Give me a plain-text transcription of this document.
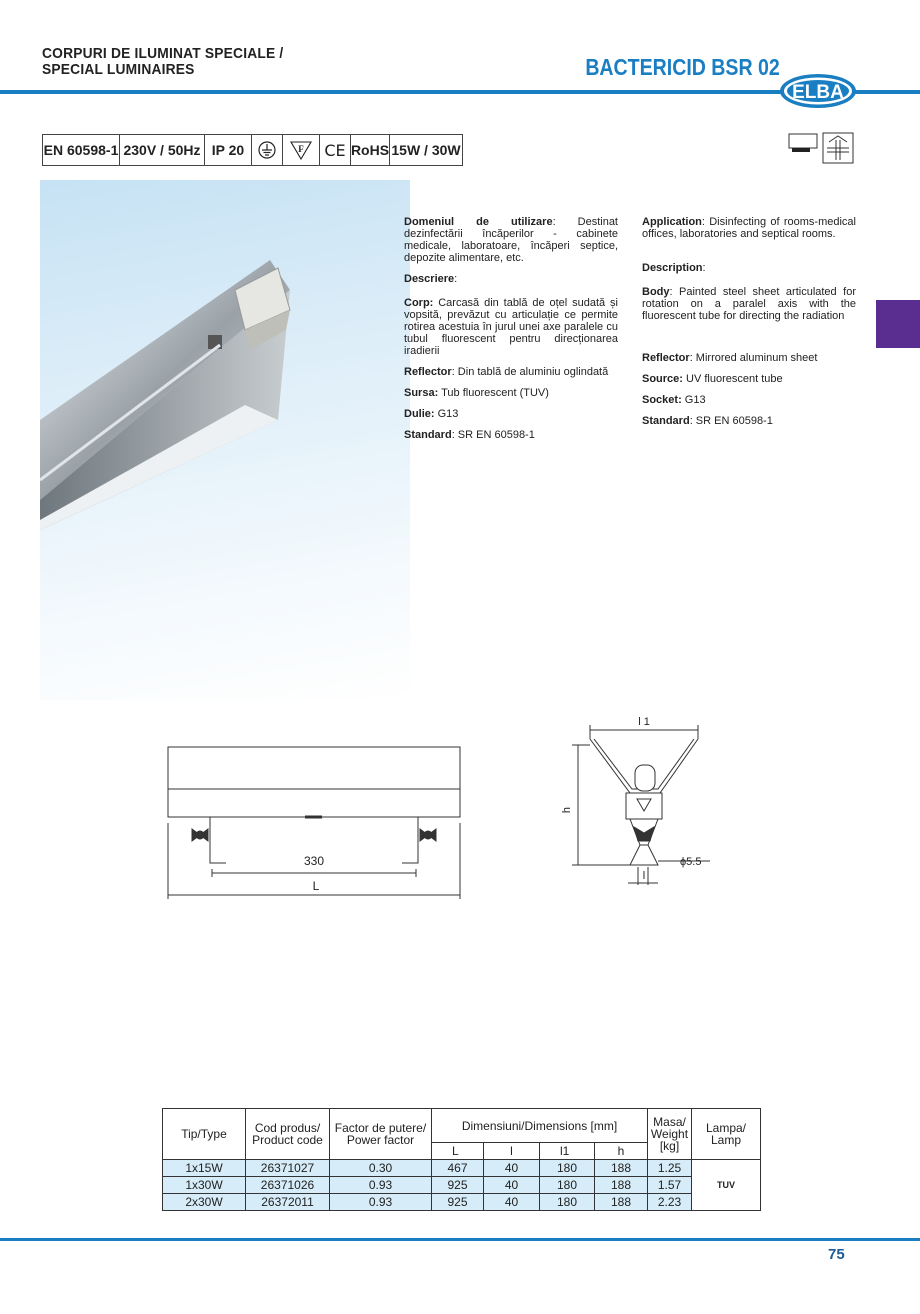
CORPURI DE ILUMINAT SPECIALE /
SPECIAL LUMINAIRES	BACTERICID BSR 02
ELBA
EN 60598-1 230V / 50Hz IP 20	F CE RoHS 15W / 30W

Domeniul de utilizare: Destinat dezinfectării încăperilor - cabinete medicale, laboratoare, încăperi septice, depozite alimentare, etc.

Descriere:

Corp: Carcasă din tablă de oțel sudată și vopsită, prevăzut cu articulație ce permite rotirea acestuia în jurul unei axe paralele cu tubul fluorescent pentru direcționarea iradierii

Reflector: Din tablă de aluminiu oglindată

Sursa: Tub fluorescent (TUV)

Dulie: G13

Standard: SR EN 60598-1

Application: Disinfecting of rooms-medical offices, laboratories and septical rooms.

Description:

Body: Painted steel sheet articulated for rotation on a paralel axis with the fluorescent tube for directing the radiation

Reflector: Mirrored aluminum sheet

Source: UV fluorescent tube

Socket: G13

Standard: SR EN 60598-1

330
L
l 1
h
l
ϕ5.5
Tip/Type	Cod produs/ Product code	Factor de putere/ Power factor	Dimensiuni/Dimensions [mm]				Masa/ Weight [kg]	Lampa/ Lamp
			L	l	l1	h		
1x15W	26371027	0.30	467	40	180	188	1.25	TUV
1x30W	26371026	0.93	925	40	180	188	1.57	
2x30W	26372011	0.93	925	40	180	188	2.23	
75
